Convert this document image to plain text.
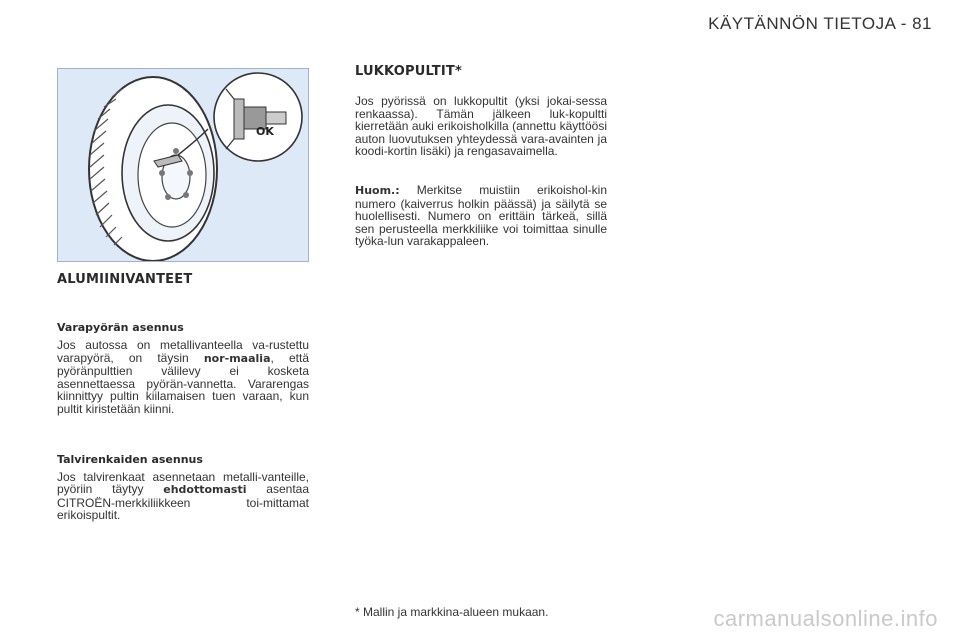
KÄYTÄNNÖN TIETOJA - 81
OK
ALUMIINIVANTEET
Varapyörän asennus

Jos autossa on metallivanteella va-rustettu varapyörä, on täysin nor-maalia, että pyöränpulttien välilevy ei kosketa asennettaessa pyörän-vannetta. Vararengas kiinnittyy pultin kiilamaisen tuen varaan, kun pultit kiristetään kiinni.

Talvirenkaiden asennus

Jos talvirenkaat asennetaan metalli-vanteille, pyöriin täytyy ehdottomasti asentaa CITROËN-merkkiliikkeen toi-mittamat erikoispultit.

LUKKOPULTIT*

Jos pyörissä on lukkopultit (yksi jokai-sessa renkaassa). Tämän jälkeen luk-kopultti kierretään auki erikoisholkilla (annettu käyttöösi auton luovutuksen yhteydessä vara-avainten ja koodi-kortin lisäki) ja rengasavaimella.

Huom.: Merkitse muistiin erikoishol-kin numero (kaiverrus holkin päässä) ja säilytä se huolellisesti. Numero on erittäin tärkeä, sillä sen perusteella merkkiliike voi toimittaa sinulle työka-lun varakappaleen.

* Mallin ja markkina-alueen mukaan.	carmanualsonline.info
